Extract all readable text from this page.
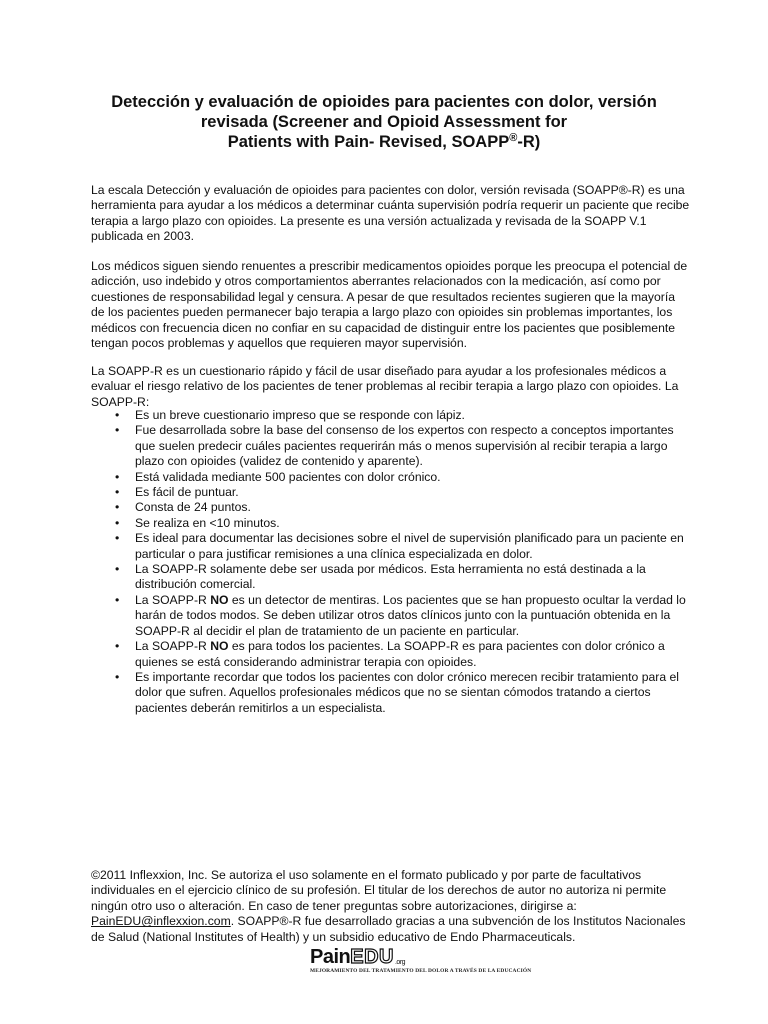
Detección y evaluación de opioides para pacientes con dolor, versión
revisada (Screener and Opioid Assessment for
Patients with Pain- Revised, SOAPP®-R)

La escala Detección y evaluación de opioides para pacientes con dolor, versión revisada (SOAPP®-R) es una herramienta para ayudar a los médicos a determinar cuánta supervisión podría requerir un paciente que recibe terapia a largo plazo con opioides. La presente es una versión actualizada y revisada de la SOAPP V.1 publicada en 2003.

Los médicos siguen siendo renuentes a prescribir medicamentos opioides porque les preocupa el potencial de adicción, uso indebido y otros comportamientos aberrantes relacionados con la medicación, así como por cuestiones de responsabilidad legal y censura. A pesar de que resultados recientes sugieren que la mayoría de los pacientes pueden permanecer bajo terapia a largo plazo con opioides sin problemas importantes, los médicos con frecuencia dicen no confiar en su capacidad de distinguir entre los pacientes que posiblemente tengan pocos problemas y aquellos que requieren mayor supervisión.

La SOAPP-R es un cuestionario rápido y fácil de usar diseñado para ayudar a los profesionales médicos a evaluar el riesgo relativo de los pacientes de tener problemas al recibir terapia a largo plazo con opioides. La SOAPP-R:

• Es un breve cuestionario impreso que se responde con lápiz.
• Fue desarrollada sobre la base del consenso de los expertos con respecto a conceptos importantes que suelen predecir cuáles pacientes requerirán más o menos supervisión al recibir terapia a largo plazo con opioides (validez de contenido y aparente).
• Está validada mediante 500 pacientes con dolor crónico.
• Es fácil de puntuar.
• Consta de 24 puntos.
• Se realiza en <10 minutos.
• Es ideal para documentar las decisiones sobre el nivel de supervisión planificado para un paciente en particular o para justificar remisiones a una clínica especializada en dolor.
• La SOAPP-R solamente debe ser usada por médicos. Esta herramienta no está destinada a la distribución comercial.
• La SOAPP-R NO es un detector de mentiras. Los pacientes que se han propuesto ocultar la verdad lo harán de todos modos. Se deben utilizar otros datos clínicos junto con la puntuación obtenida en la SOAPP-R al decidir el plan de tratamiento de un paciente en particular.
• La SOAPP-R NO es para todos los pacientes. La SOAPP-R es para pacientes con dolor crónico a quienes se está considerando administrar terapia con opioides.
• Es importante recordar que todos los pacientes con dolor crónico merecen recibir tratamiento para el dolor que sufren. Aquellos profesionales médicos que no se sientan cómodos tratando a ciertos pacientes deberán remitirlos a un especialista.

©2011 Inflexxion, Inc. Se autoriza el uso solamente en el formato publicado y por parte de facultativos individuales en el ejercicio clínico de su profesión. El titular de los derechos de autor no autoriza ni permite ningún otro uso o alteración. En caso de tener preguntas sobre autorizaciones, dirigirse a: PainEDU@inflexxion.com. SOAPP®-R fue desarrollado gracias a una subvención de los Institutos Nacionales de Salud (National Institutes of Health) y un subsidio educativo de Endo Pharmaceuticals.

PainEDU.org
MEJORAMIENTO DEL TRATAMIENTO DEL DOLOR A TRAVÉS DE LA EDUCACIÓN
